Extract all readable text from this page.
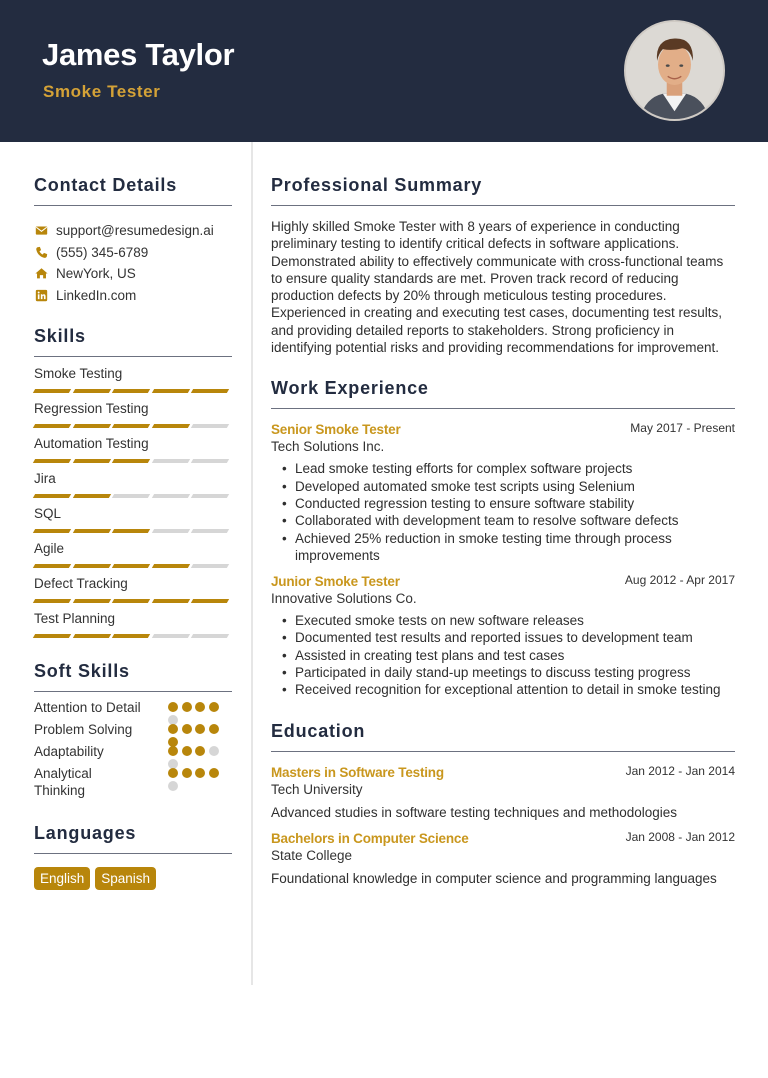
James Taylor
Smoke Tester
Contact Details
support@resumedesign.ai
(555) 345-6789
NewYork, US
LinkedIn.com
Skills
Smoke Testing
Regression Testing
Automation Testing
Jira
SQL
Agile
Defect Tracking
Test Planning
Soft Skills
Attention to Detail
Problem Solving
Adaptability
Analytical Thinking
Languages
English	Spanish
Professional Summary

Highly skilled Smoke Tester with 8 years of experience in conducting preliminary testing to identify critical defects in software applications. Demonstrated ability to effectively communicate with cross-functional teams to ensure quality standards are met. Proven track record of reducing production defects by 20% through meticulous testing procedures. Experienced in creating and executing test cases, documenting test results, and providing detailed reports to stakeholders. Strong proficiency in identifying potential risks and providing recommendations for improvement.

Work Experience
Senior Smoke Tester	May 2017 - Present
Tech Solutions Inc.
• Lead smoke testing efforts for complex software projects
• Developed automated smoke test scripts using Selenium
• Conducted regression testing to ensure software stability
• Collaborated with development team to resolve software defects
• Achieved 25% reduction in smoke testing time through process improvements
Junior Smoke Tester	Aug 2012 - Apr 2017
Innovative Solutions Co.
• Executed smoke tests on new software releases
• Documented test results and reported issues to development team
• Assisted in creating test plans and test cases
• Participated in daily stand-up meetings to discuss testing progress
• Received recognition for exceptional attention to detail in smoke testing
Education
Masters in Software Testing	Jan 2012 - Jan 2014
Tech University
Advanced studies in software testing techniques and methodologies
Bachelors in Computer Science	Jan 2008 - Jan 2012
State College
Foundational knowledge in computer science and programming languages
